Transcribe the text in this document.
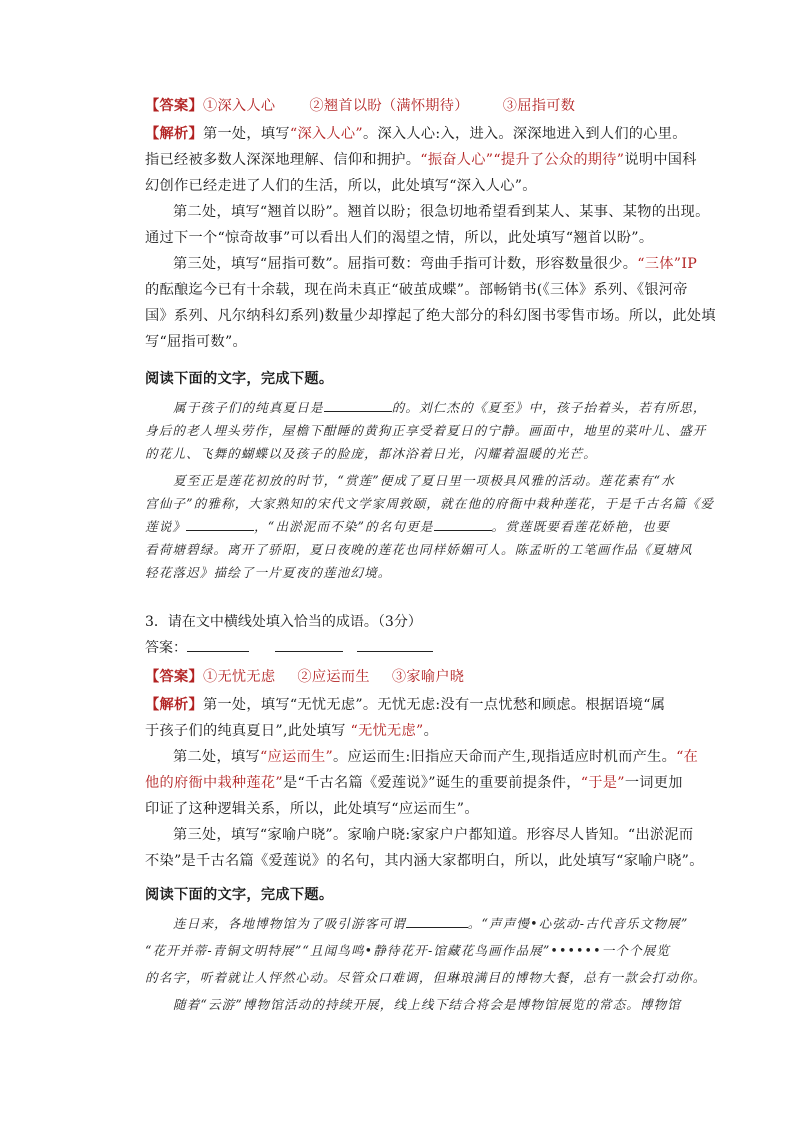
【答案】①深入人心 ②翘首以盼（满怀期待） ③屈指可数
【解析】第一处，填写“深入人心”。深入人心:入，进入。深深地进入到人们的心里。
指已经被多数人深深地理解、信仰和拥护。“振奋人心”“提升了公众的期待”说明中国科
幻创作已经走进了人们的生活，所以，此处填写“深入人心”。
第二处，填写“翘首以盼”。翘首以盼；很急切地希望看到某人、某事、某物的出现。
通过下一个“惊奇故事”可以看出人们的渴望之情，所以，此处填写“翘首以盼”。
第三处，填写“屈指可数”。屈指可数：弯曲手指可计数，形容数量很少。“三体”IP
的酝酿迄今已有十余载，现在尚未真正“破茧成蝶”。部畅销书(《三体》系列、《银河帝
国》系列、凡尔纳科幻系列)数量少却撑起了绝大部分的科幻图书零售市场。所以，此处填
写“屈指可数”。
阅读下面的文字，完成下题。
属于孩子们的纯真夏日是	的。刘仁杰的《夏至》中，孩子抬着头，若有所思，
身后的老人埋头劳作，屋檐下酣睡的黄狗正享受着夏日的宁静。画面中，地里的菜叶儿、盛开
的花儿、飞舞的蝴蝶以及孩子的脸庞，都沐浴着日光，闪耀着温暖的光芒。
夏至正是莲花初放的时节，“赏莲”便成了夏日里一项极具风雅的活动。莲花素有“水
宫仙子”的雅称，大家熟知的宋代文学家周敦颐，就在他的府衙中栽种莲花，于是千古名篇《爱
莲说》	，“出淤泥而不染”的名句更是	。赏莲既要看莲花娇艳，也要
看荷塘碧绿。离开了骄阳，夏日夜晚的莲花也同样娇媚可人。陈孟昕的工笔画作品《夏塘风
轻花落迟》描绘了一片夏夜的莲池幻境。
3．请在文中横线处填入恰当的成语。（3分）
答案：
【答案】①无忧无虑 ②应运而生 ③家喻户晓
【解析】第一处，填写“无忧无虑”。无忧无虑:没有一点忧愁和顾虑。根据语境“属
于孩子们的纯真夏日”,此处填写 “无忧无虑”。
第二处，填写“应运而生”。应运而生:旧指应天命而产生,现指适应时机而产生。“在
他的府衙中栽种莲花”是“千古名篇《爱莲说》”诞生的重要前提条件，“于是”一词更加
印证了这种逻辑关系，所以，此处填写“应运而生”。
第三处，填写“家喻户晓”。家喻户晓:家家户户都知道。形容尽人皆知。“出淤泥而
不染”是千古名篇《爱莲说》的名句，其内涵大家都明白，所以，此处填写“家喻户晓”。
阅读下面的文字，完成下题。
连日来，各地博物馆为了吸引游客可谓	。“声声慢•心弦动-古代音乐文物展”
“花开并蒂-青铜文明特展”“且闻鸟鸣•静待花开-馆藏花鸟画作品展”••••••一个个展览
的名字，听着就让人怦然心动。尽管众口难调，但琳琅满目的博物大餐，总有一款会打动你。
随着“云游”博物馆活动的持续开展，线上线下结合将会是博物馆展览的常态。博物馆
